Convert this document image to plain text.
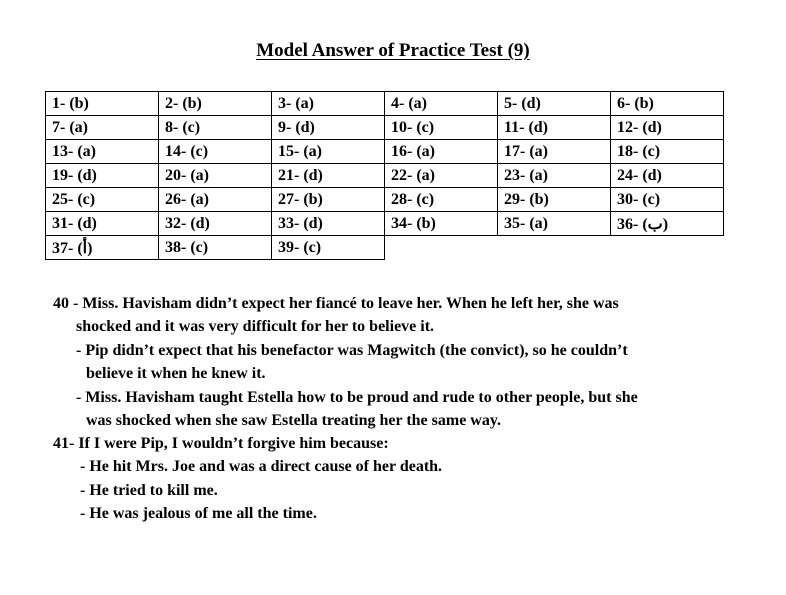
Model Answer of Practice Test (9)
1- (b)	2- (b)	3- (a)	4- (a)	5- (d)	6- (b)
7- (a)	8- (c)	9- (d)	10- (c)	11- (d)	12- (d)
13- (a)	14- (c)	15- (a)	16- (a)	17- (a)	18- (c)
19- (d)	20- (a)	21- (d)	22- (a)	23- (a)	24- (d)
25- (c)	26- (a)	27- (b)	28- (c)	29- (b)	30- (c)
31- (d)	32- (d)	33- (d)	34- (b)	35- (a)	36- (ب)
37- (أ)	38- (c)	39- (c)			
40 - Miss. Havisham didn’t expect her fiancé to leave her. When he left her, she was
shocked and it was very difficult for her to believe it.
- Pip didn’t expect that his benefactor was Magwitch (the convict), so he couldn’t
believe it when he knew it.
- Miss. Havisham taught Estella how to be proud and rude to other people, but she
was shocked when she saw Estella treating her the same way.
41- If I were Pip, I wouldn’t forgive him because:
- He hit Mrs. Joe and was a direct cause of her death.
- He tried to kill me.
- He was jealous of me all the time.
